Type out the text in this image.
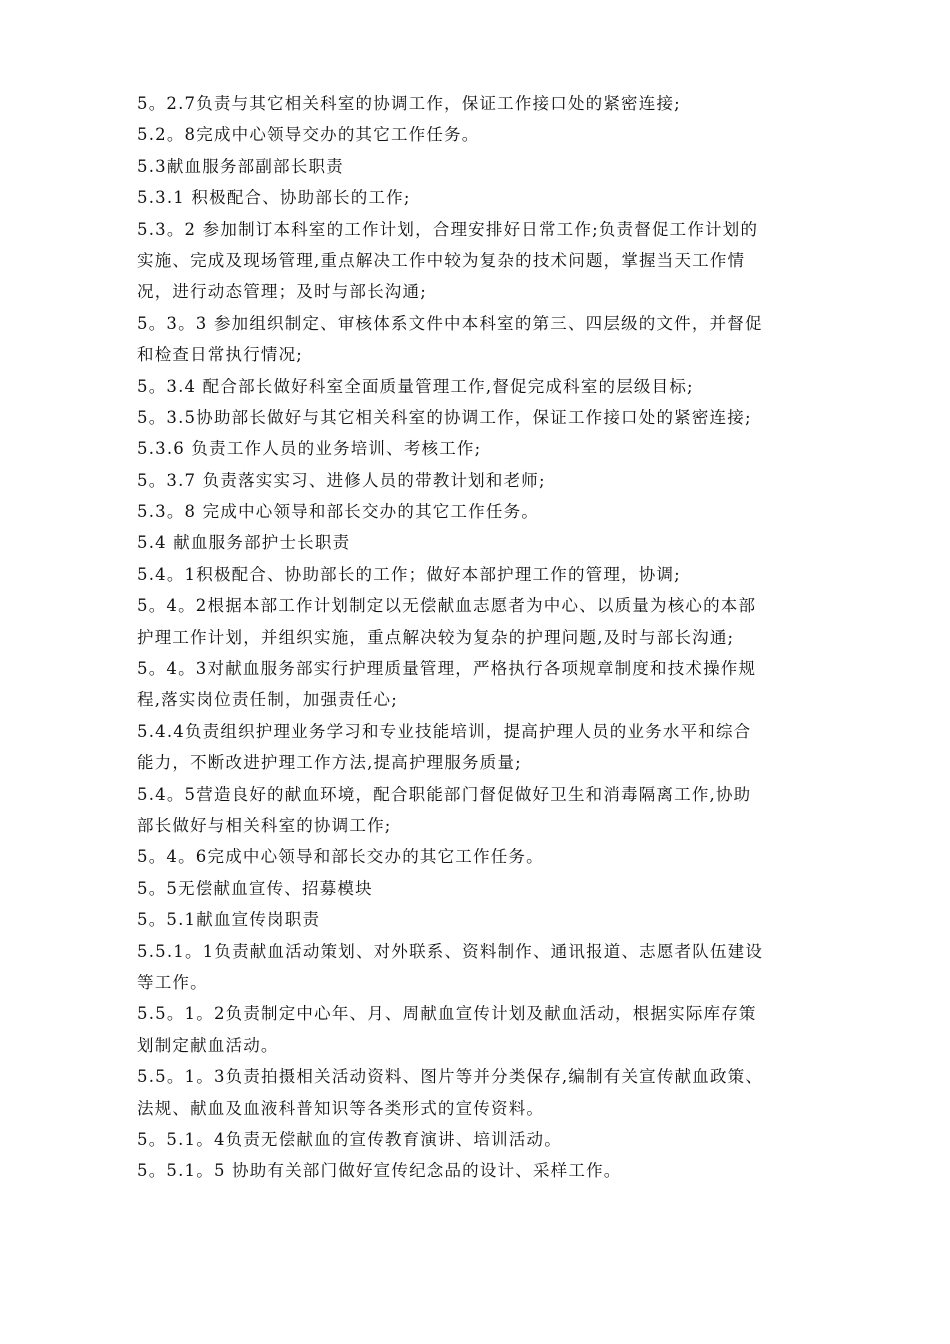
5。2.7负责与其它相关科室的协调工作，保证工作接口处的紧密连接;
5.2。8完成中心领导交办的其它工作任务。
5.3献血服务部副部长职责
5.3.1 积极配合、协助部长的工作;
5.3。2 参加制订本科室的工作计划，合理安排好日常工作;负责督促工作计划的
实施、完成及现场管理,重点解决工作中较为复杂的技术问题，掌握当天工作情
况，进行动态管理；及时与部长沟通;
5。3。3 参加组织制定、审核体系文件中本科室的第三、四层级的文件，并督促
和检查日常执行情况;
5。3.4 配合部长做好科室全面质量管理工作,督促完成科室的层级目标;
5。3.5协助部长做好与其它相关科室的协调工作，保证工作接口处的紧密连接;
5.3.6 负责工作人员的业务培训、考核工作;
5。3.7 负责落实实习、进修人员的带教计划和老师;
5.3。8 完成中心领导和部长交办的其它工作任务。
5.4 献血服务部护士长职责
5.4。1积极配合、协助部长的工作；做好本部护理工作的管理，协调;
5。4。2根据本部工作计划制定以无偿献血志愿者为中心、以质量为核心的本部
护理工作计划，并组织实施，重点解决较为复杂的护理问题,及时与部长沟通;
5。4。3对献血服务部实行护理质量管理，严格执行各项规章制度和技术操作规
程,落实岗位责任制，加强责任心;
5.4.4负责组织护理业务学习和专业技能培训，提高护理人员的业务水平和综合
能力，不断改进护理工作方法,提高护理服务质量;
5.4。5营造良好的献血环境，配合职能部门督促做好卫生和消毒隔离工作,协助
部长做好与相关科室的协调工作;
5。4。6完成中心领导和部长交办的其它工作任务。
5。5无偿献血宣传、招募模块
5。5.1献血宣传岗职责
5.5.1。1负责献血活动策划、对外联系、资料制作、通讯报道、志愿者队伍建设
等工作。
5.5。1。2负责制定中心年、月、周献血宣传计划及献血活动，根据实际库存策
划制定献血活动。
5.5。1。3负责拍摄相关活动资料、图片等并分类保存,编制有关宣传献血政策、
法规、献血及血液科普知识等各类形式的宣传资料。
5。5.1。4负责无偿献血的宣传教育演讲、培训活动。
5。5.1。5 协助有关部门做好宣传纪念品的设计、采样工作。
